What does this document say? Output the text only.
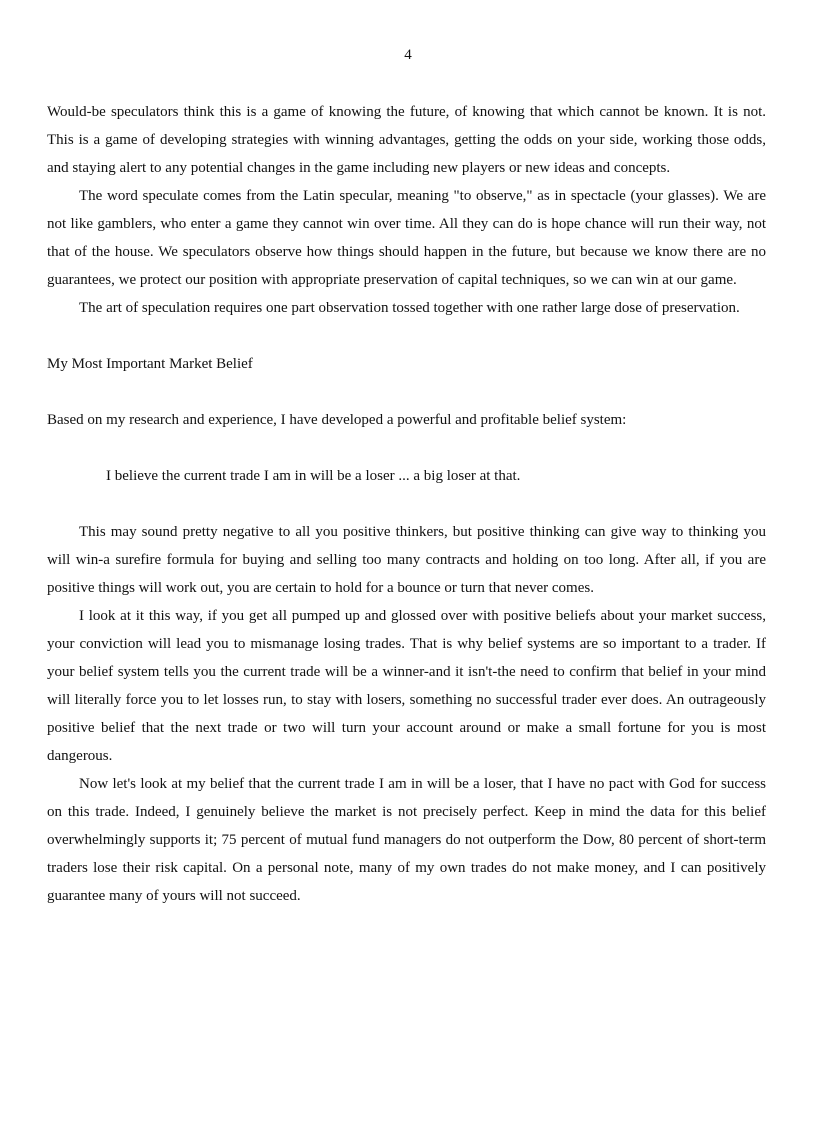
4

Would-be speculators think this is a game of knowing the future, of knowing that which cannot be known. It is not. This is a game of developing strategies with winning advantages, getting the odds on your side, working those odds, and staying alert to any potential changes in the game including new players or new ideas and concepts.

The word speculate comes from the Latin specular, meaning "to observe," as in spectacle (your glasses). We are not like gamblers, who enter a game they cannot win over time. All they can do is hope chance will run their way, not that of the house. We speculators observe how things should happen in the future, but because we know there are no guarantees, we protect our position with appropriate preservation of capital techniques, so we can win at our game.

The art of speculation requires one part observation tossed together with one rather large dose of preservation.

My Most Important Market Belief

Based on my research and experience, I have developed a powerful and profitable belief system:

I believe the current trade I am in will be a loser ... a big loser at that.

This may sound pretty negative to all you positive thinkers, but positive thinking can give way to thinking you will win-a surefire formula for buying and selling too many contracts and holding on too long. After all, if you are positive things will work out, you are certain to hold for a bounce or turn that never comes.

I look at it this way, if you get all pumped up and glossed over with positive beliefs about your market success, your conviction will lead you to mismanage losing trades. That is why belief systems are so important to a trader. If your belief system tells you the current trade will be a winner-and it isn't-the need to confirm that belief in your mind will literally force you to let losses run, to stay with losers, something no successful trader ever does. An outrageously positive belief that the next trade or two will turn your account around or make a small fortune for you is most dangerous.

Now let's look at my belief that the current trade I am in will be a loser, that I have no pact with God for success on this trade. Indeed, I genuinely believe the market is not precisely perfect. Keep in mind the data for this belief overwhelmingly supports it; 75 percent of mutual fund managers do not outperform the Dow, 80 percent of short-term traders lose their risk capital. On a personal note, many of my own trades do not make money, and I can positively guarantee many of yours will not succeed.
